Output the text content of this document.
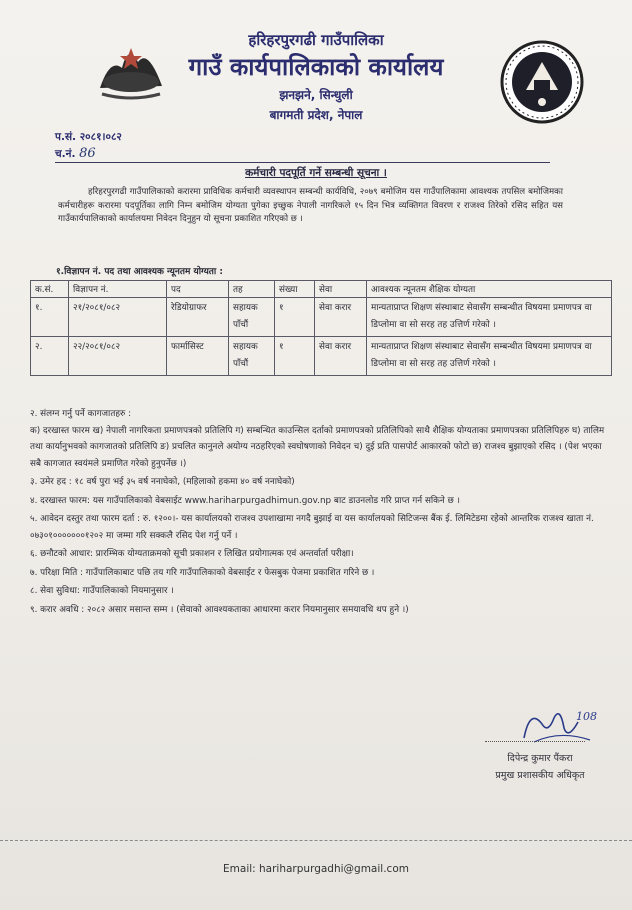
हरिहरपुरगढी गाउँपालिका
गाउँ कार्यपालिकाको कार्यालय
झनझने, सिन्धुली
बागमती प्रदेश, नेपाल
प.सं. २०८१।०८२
च.नं. 86
कर्मचारी पदपूर्ति गर्ने सम्बन्धी सूचना ।
हरिहरपुरगढी गाउँपालिकाको करारमा प्राविधिक कर्मचारी व्यवस्थापन सम्बन्धी कार्यविधि, २०७९ बमोजिम यस गाउँपालिकामा आवश्यक तपसिल बमोजिमका कर्मचारीहरू करारमा पदपूर्तिका लागि निम्न बमोजिम योग्यता पुगेका इच्छुक नेपाली नागरिकले १५ दिन भित्र व्यक्तिगत विवरण र राजश्व तिरेको रसिद सहित यस गाउँकार्यपालिकाको कार्यालयमा निवेदन दिनुहुन यो सूचना प्रकाशित गरिएको छ ।
१.विज्ञापन नं. पद तथा आवश्यक न्यूनतम योग्यता :
क.सं.	विज्ञापन नं.	पद	तह	संख्या	सेवा	आवश्यक न्यूनतम शैक्षिक योग्यता
१.	२१/२०८१/०८२	रेडियोग्राफर	सहायक पाँचौं	१	सेवा करार	मान्यताप्राप्त शिक्षण संस्थाबाट सेवासँग सम्बन्धीत विषयमा प्रमाणपत्र वा डिप्लोमा वा सो सरह तह उत्तिर्ण गरेको ।
२.	२२/२०८१/०८२	फार्मासिस्ट	सहायक पाँचौं	१	सेवा करार	मान्यताप्राप्त शिक्षण संस्थाबाट सेवासँग सम्बन्धीत विषयमा प्रमाणपत्र वा डिप्लोमा वा सो सरह तह उत्तिर्ण गरेको ।

२. संलग्न गर्नु पर्ने कागजातहरु :

क) दरखास्त फारम ख) नेपाली नागरिकता प्रमाणपत्रको प्रतिलिपि ग) सम्बन्धित काउन्सिल दर्ताको प्रमाणपत्रको प्रतिलिपिको साथै शैक्षिक योग्यताका प्रमाणपत्रका प्रतिलिपिहरु घ) तालिम तथा कार्यानुभवको कागजातको प्रतिलिपि ङ) प्रचलित कानुनले अयोग्य नठहरिएको स्वघोषणाको निवेदन च) दुई प्रति पासपोर्ट आकारको फोटो छ) राजश्व बुझाएको रसिद । (पेश भएका सबै कागजात स्वयंमले प्रमाणित गरेको हुनुपर्नेछ ।)

३. उमेर हद : १८ वर्ष पुरा भई ३५ वर्ष ननाघेको, (महिलाको हकमा ४० वर्ष ननाघेको)

४. दरखास्त फारम: यस गाउँपालिकाको वेबसाईट www.hariharpurgadhimun.gov.np बाट डाउनलोड गरि प्राप्त गर्न सकिने छ ।

५. आवेदन दस्तुर तथा फारम दर्ता : रु. १२००।- यस कार्यालयको राजश्व उपशाखामा नगदै बुझाई वा यस कार्यालयको सिटिजन्स बैंक ई. लिमिटेडमा रहेको आन्तरिक राजश्व खाता नं. ०७३०१०००००००१२०२ मा जम्मा गरि सक्कलै रसिद पेश गर्नु पर्ने ।

६. छनौटको आधार: प्रारम्भिक योग्यताक्रमको सूची प्रकाशन र लिखित प्रयोगात्मक एवं अन्तर्वार्ता परीक्षा।

७. परिक्षा मिति : गाउँपालिकाबाट पछि तय गरि गाउँपालिकाको वेबसाईट र फेसबुक पेजमा प्रकाशित गरिने छ ।

८. सेवा सुविधा: गाउँपालिकाको नियमानुसार ।

९. करार अवधि : २०८२ असार मसान्त सम्म । (सेवाको आवश्यकताका आधारमा करार नियमानुसार समयावधि थप हुने ।)

108
दिपेन्द्र कुमार पैंकरा
प्रमुख प्रशासकीय अधिकृत
Email: hariharpurgadhi@gmail.com
